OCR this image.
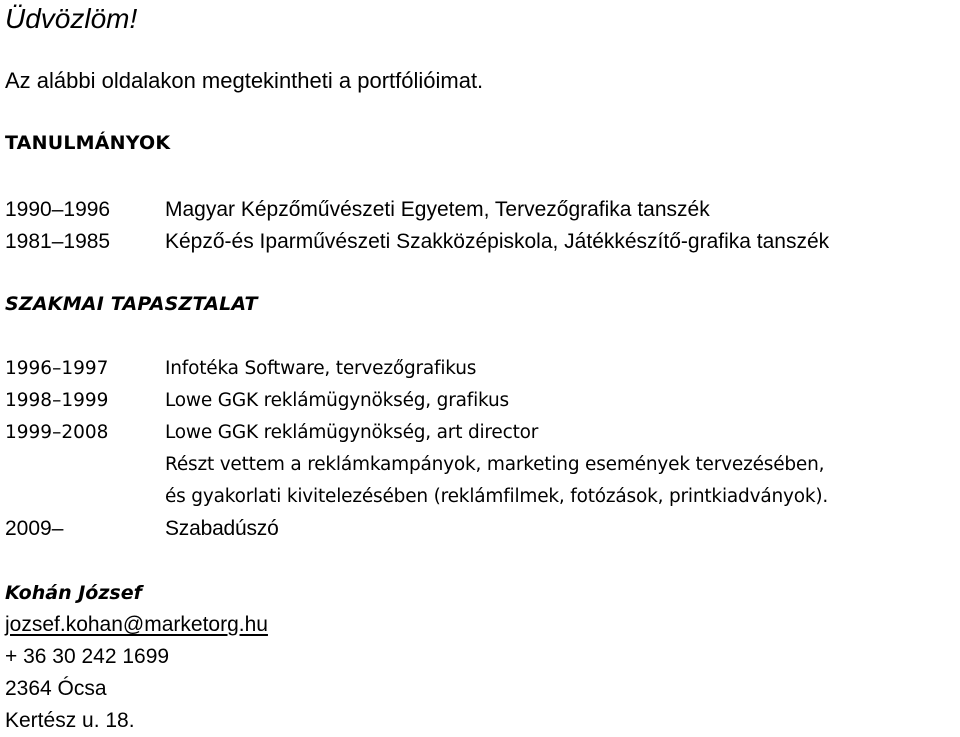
Üdvözlöm!

Az alábbi oldalakon megtekintheti a portfólióimat.

TANULMÁNYOK
1990–1996	Magyar Képzőművészeti Egyetem, Tervezőgrafika tanszék
1981–1985	Képző-és Iparművészeti Szakközépiskola, Játékkészítő-grafika tanszék
SZAKMAI TAPASZTALAT
1996–1997	Infotéka Software, tervezőgrafikus
1998–1999	Lowe GGK reklámügynökség, grafikus
1999–2008	Lowe GGK reklámügynökség, art director
Részt vettem a reklámkampányok, marketing események tervezésében,
és gyakorlati kivitelezésében (reklámfilmek, fotózások, printkiadványok).
2009–	Szabadúszó
Kohán József
jozsef.kohan@marketorg.hu
+ 36 30 242 1699
2364 Ócsa
Kertész u. 18.
